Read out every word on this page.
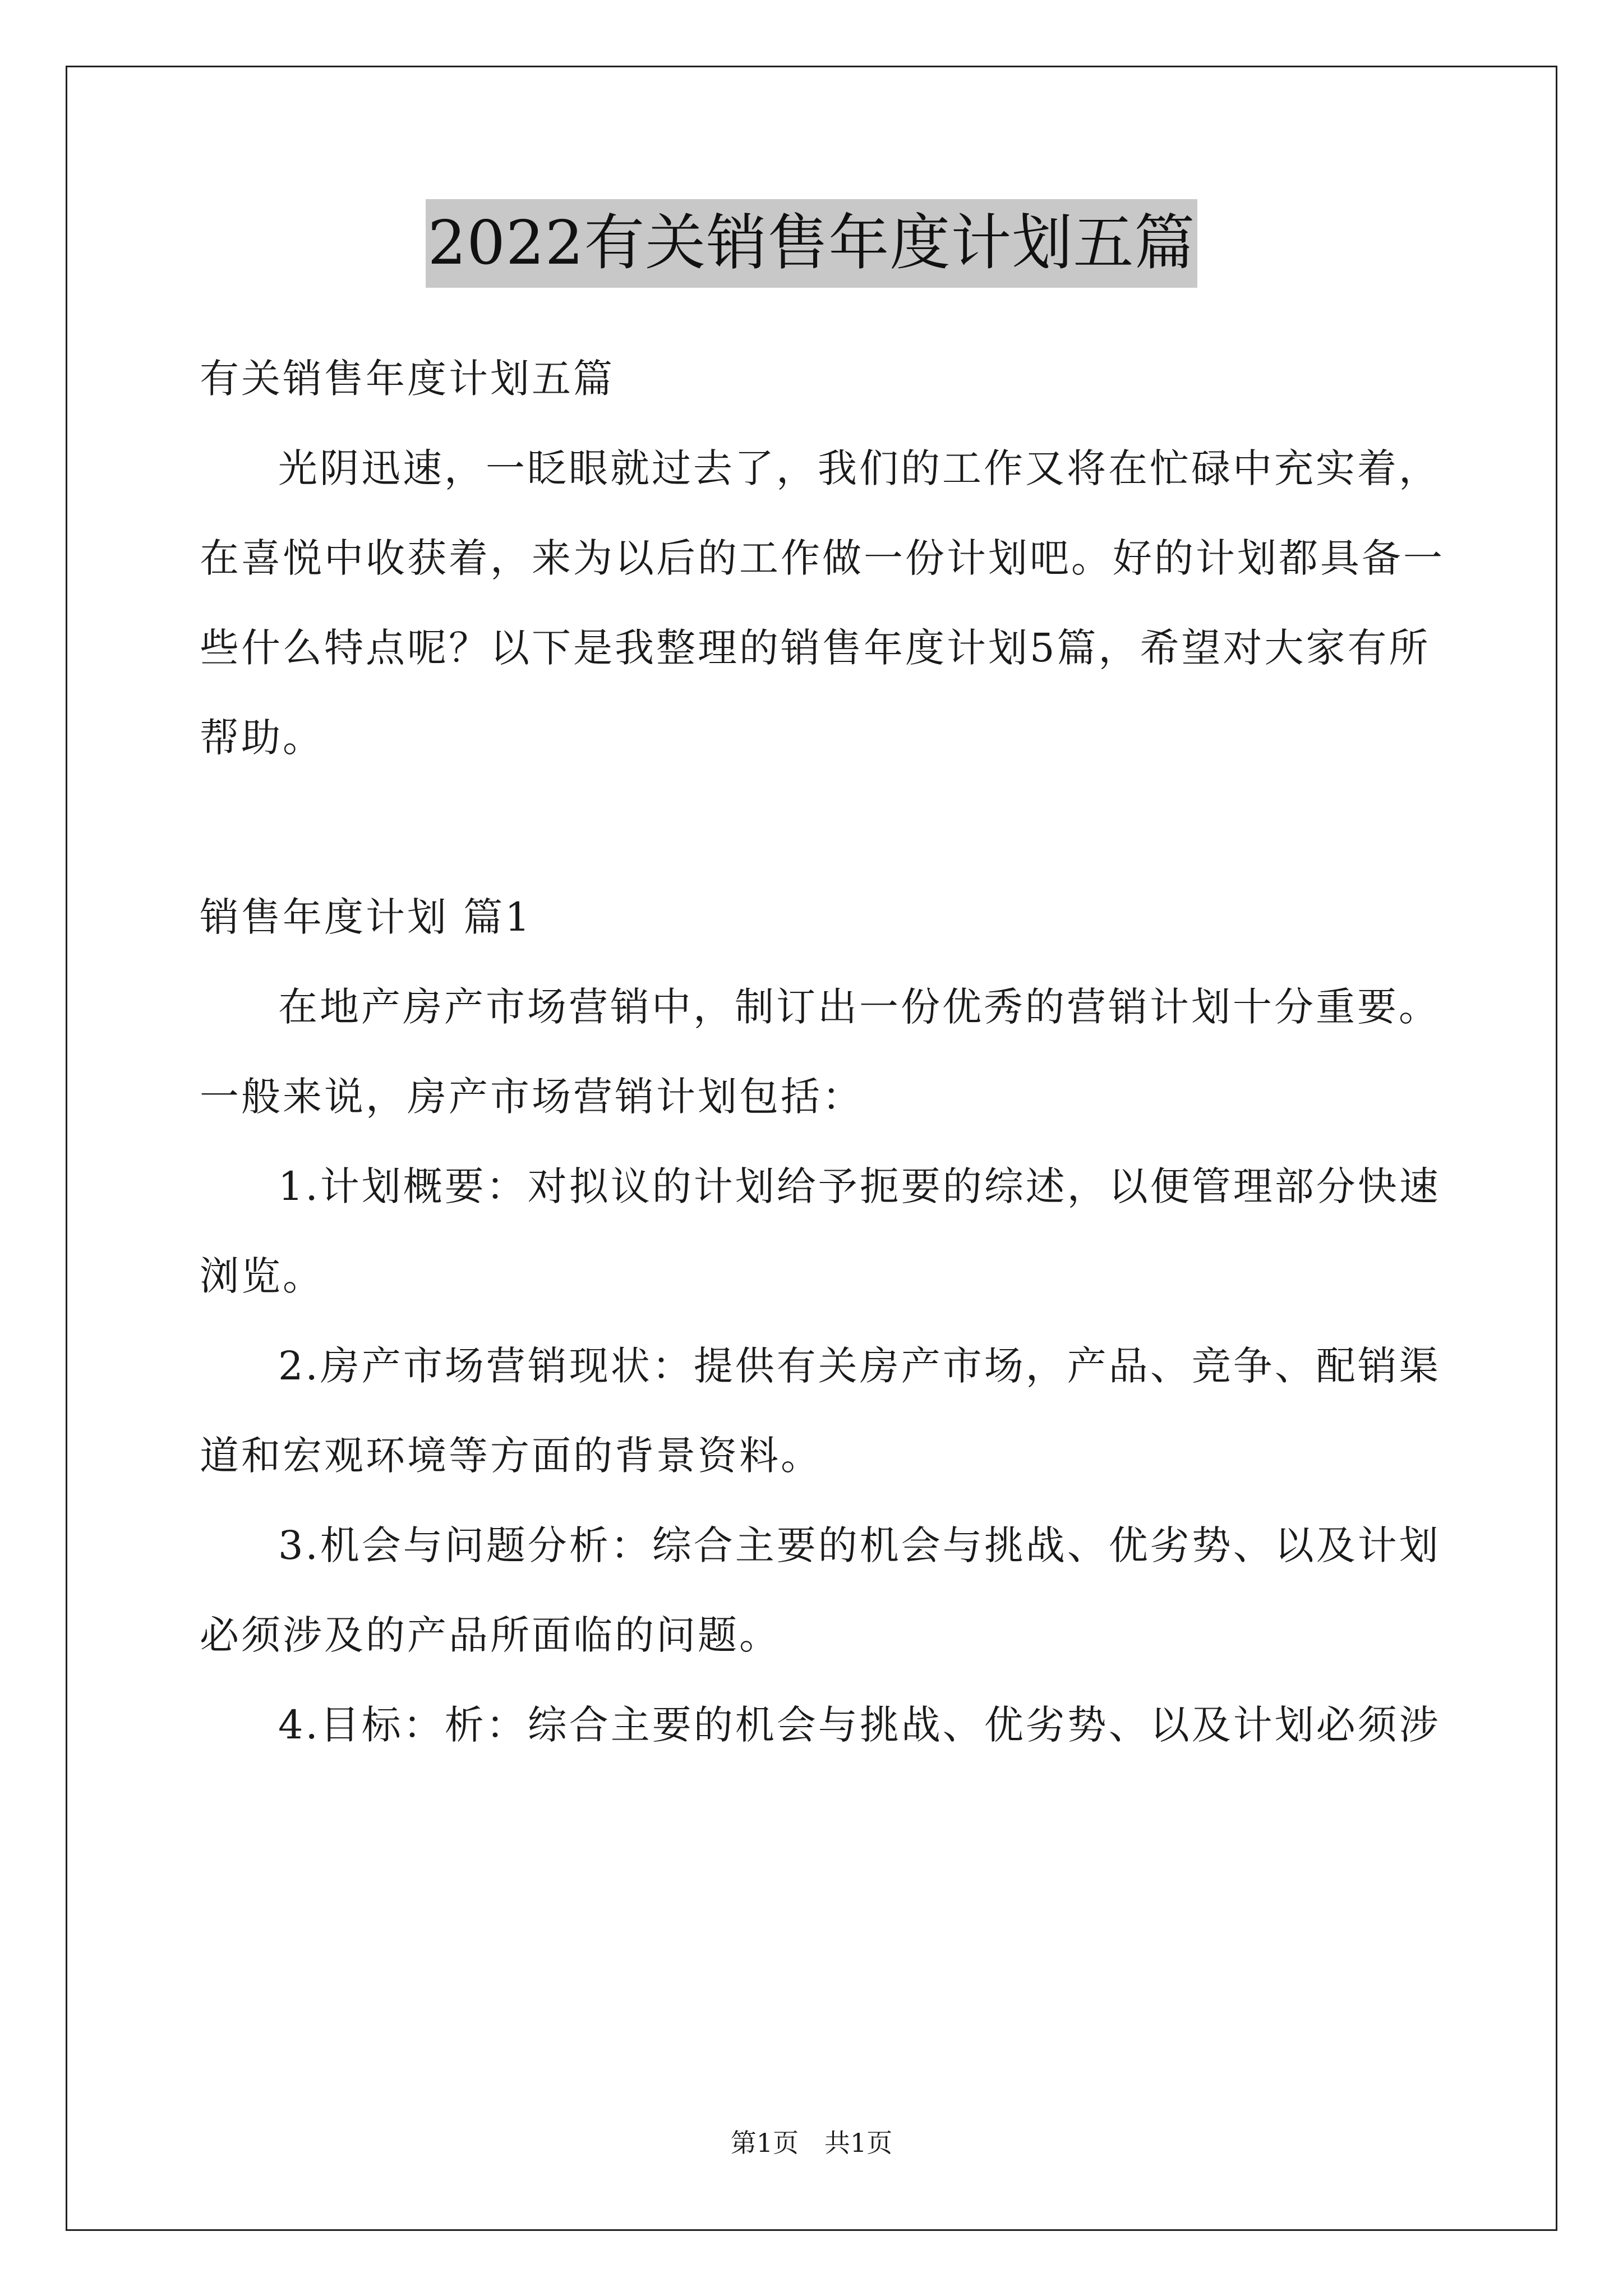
2022有关销售年度计划五篇
有关销售年度计划五篇
光阴迅速，一眨眼就过去了，我们的工作又将在忙碌中充实着，
在喜悦中收获着，来为以后的工作做一份计划吧。好的计划都具备一
些什么特点呢？以下是我整理的销售年度计划5篇，希望对大家有所
帮助。
销售年度计划 篇1
在地产房产市场营销中，制订出一份优秀的营销计划十分重要。
一般来说，房产市场营销计划包括：
1.计划概要：对拟议的计划给予扼要的综述，以便管理部分快速
浏览。
2.房产市场营销现状：提供有关房产市场，产品、竞争、配销渠
道和宏观环境等方面的背景资料。
3.机会与问题分析：综合主要的机会与挑战、优劣势、以及计划
必须涉及的产品所面临的问题。
4.目标：析：综合主要的机会与挑战、优劣势、以及计划必须涉
第1页　共1页
